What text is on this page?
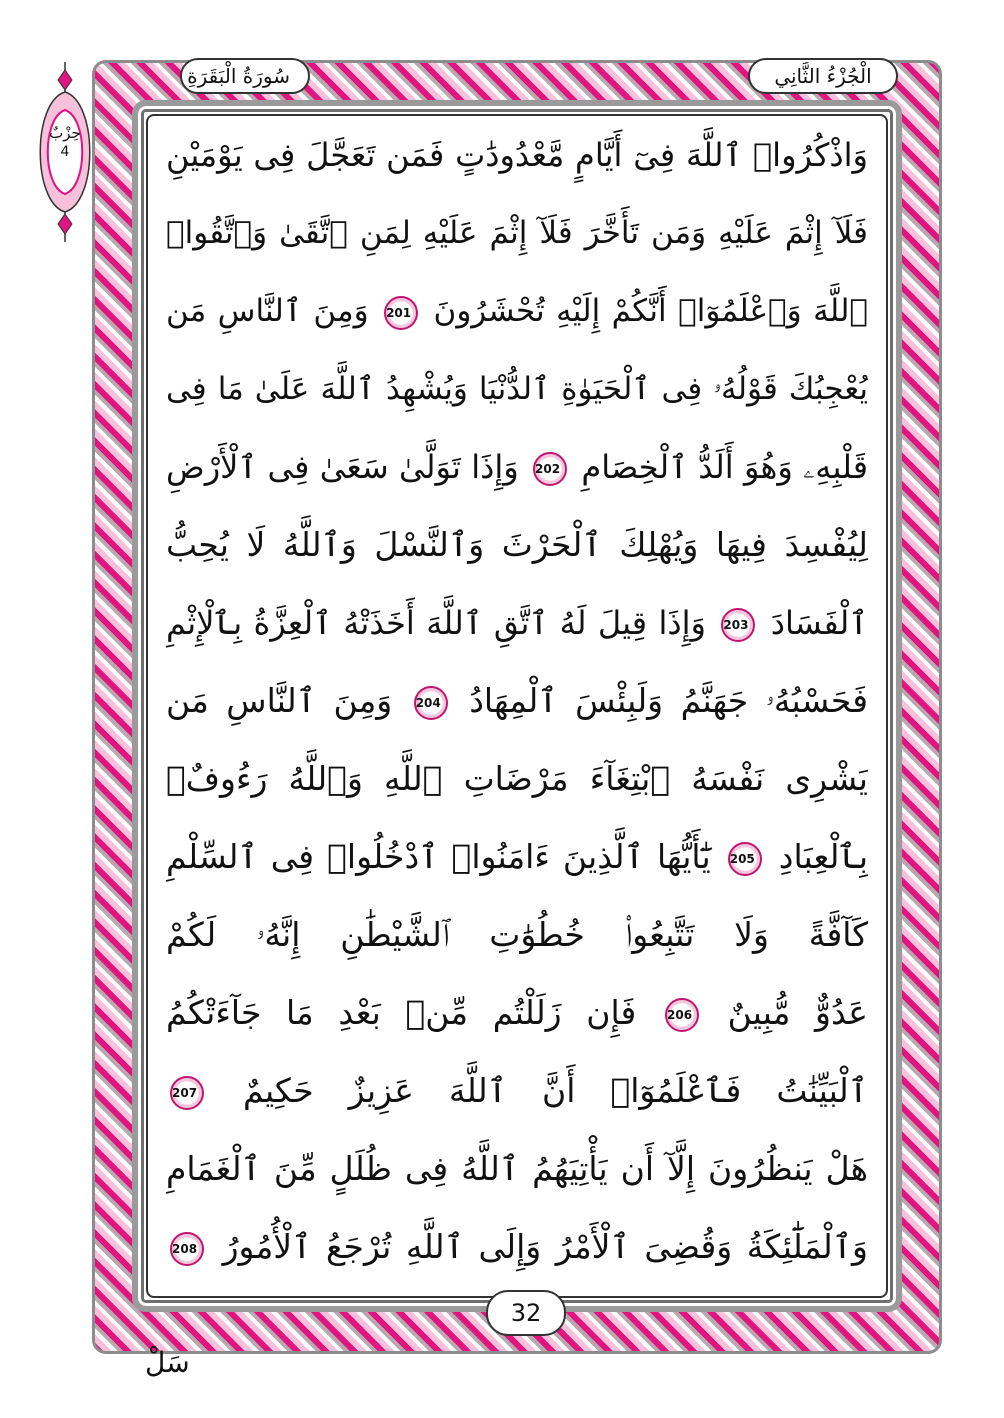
الْجُزْءُ الثَّانِي
سُورَةُ الْبَقَرَةِ
حِزْبٌ
4	وَاذْكُرُوا۟ ٱللَّهَ فِىٓ أَيَّامٍ مَّعْدُودَٰتٍ فَمَن تَعَجَّلَ فِى يَوْمَيْنِ
فَلَآ إِثْمَ عَلَيْهِ وَمَن تَأَخَّرَ فَلَآ إِثْمَ عَلَيْهِ لِمَنِ ٱتَّقَىٰ وَٱتَّقُوا۟
ٱللَّهَ وَٱعْلَمُوٓا۟ أَنَّكُمْ إِلَيْهِ تُحْشَرُونَ 201 وَمِنَ ٱلنَّاسِ مَن
يُعْجِبُكَ قَوْلُهُۥ فِى ٱلْحَيَوٰةِ ٱلدُّنْيَا وَيُشْهِدُ ٱللَّهَ عَلَىٰ مَا فِى
قَلْبِهِۦ وَهُوَ أَلَدُّ ٱلْخِصَامِ 202 وَإِذَا تَوَلَّىٰ سَعَىٰ فِى ٱلْأَرْضِ
لِيُفْسِدَ فِيهَا وَيُهْلِكَ ٱلْحَرْثَ وَٱلنَّسْلَ وَٱللَّهُ لَا يُحِبُّ
ٱلْفَسَادَ 203 وَإِذَا قِيلَ لَهُ ٱتَّقِ ٱللَّهَ أَخَذَتْهُ ٱلْعِزَّةُ بِٱلْإِثْمِ
فَحَسْبُهُۥ جَهَنَّمُ وَلَبِئْسَ ٱلْمِهَادُ 204 وَمِنَ ٱلنَّاسِ مَن
يَشْرِى نَفْسَهُ ٱبْتِغَآءَ مَرْضَاتِ ٱللَّهِ وَٱللَّهُ رَءُوفٌۢ
بِٱلْعِبَادِ 205 يَٰٓأَيُّهَا ٱلَّذِينَ ءَامَنُوا۟ ٱدْخُلُوا۟ فِى ٱلسِّلْمِ
كَآفَّةً وَلَا تَتَّبِعُوا۟ خُطُوَٰتِ ٱلشَّيْطَٰنِ إِنَّهُۥ لَكُمْ
عَدُوٌّ مُّبِينٌ 206 فَإِن زَلَلْتُم مِّنۢ بَعْدِ مَا جَآءَتْكُمُ
ٱلْبَيِّنَٰتُ فَٱعْلَمُوٓا۟ أَنَّ ٱللَّهَ عَزِيزٌ حَكِيمٌ 207
هَلْ يَنظُرُونَ إِلَّآ أَن يَأْتِيَهُمُ ٱللَّهُ فِى ظُلَلٍ مِّنَ ٱلْغَمَامِ
وَٱلْمَلَٰٓئِكَةُ وَقُضِىَ ٱلْأَمْرُ وَإِلَى ٱللَّهِ تُرْجَعُ ٱلْأُمُورُ 208
32
سَلْ
